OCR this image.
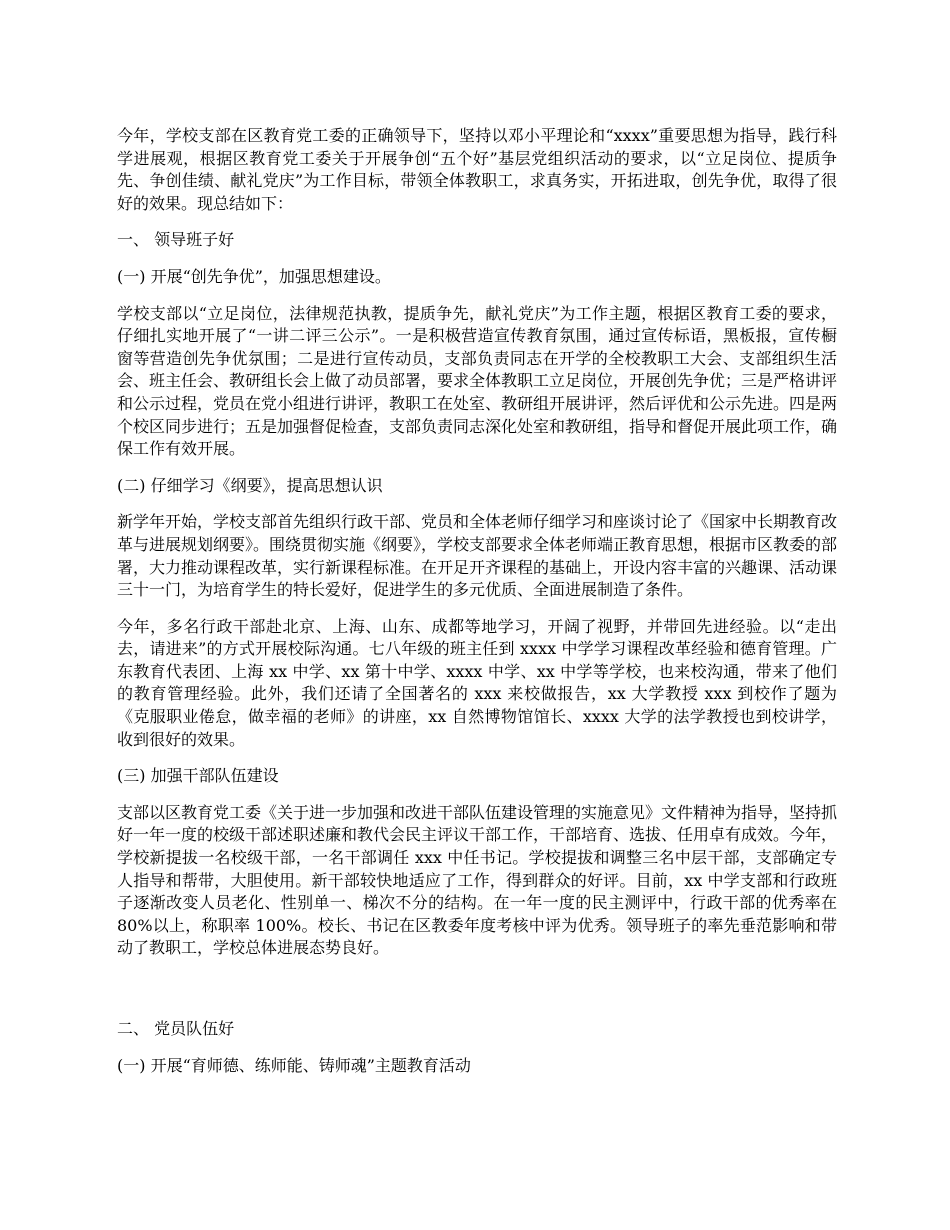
今年，学校支部在区教育党工委的正确领导下，坚持以邓小平理论和“xxxx”重要思想为指导，践行科学进展观，根据区教育党工委关于开展争创“五个好”基层党组织活动的要求，以“立足岗位、提质争先、争创佳绩、献礼党庆”为工作目标，带领全体教职工，求真务实，开拓进取，创先争优，取得了很好的效果。现总结如下：

一、 领导班子好

(一) 开展“创先争优”，加强思想建设。

学校支部以“立足岗位，法律规范执教，提质争先，献礼党庆”为工作主题，根据区教育工委的要求，仔细扎实地开展了“一讲二评三公示”。一是积极营造宣传教育氛围，通过宣传标语，黑板报，宣传橱窗等营造创先争优氛围；二是进行宣传动员，支部负责同志在开学的全校教职工大会、支部组织生活会、班主任会、教研组长会上做了动员部署，要求全体教职工立足岗位，开展创先争优；三是严格讲评和公示过程，党员在党小组进行讲评，教职工在处室、教研组开展讲评，然后评优和公示先进。四是两个校区同步进行；五是加强督促检查，支部负责同志深化处室和教研组，指导和督促开展此项工作，确保工作有效开展。

(二) 仔细学习《纲要》，提高思想认识

新学年开始，学校支部首先组织行政干部、党员和全体老师仔细学习和座谈讨论了《国家中长期教育改革与进展规划纲要》。围绕贯彻实施《纲要》，学校支部要求全体老师端正教育思想，根据市区教委的部署，大力推动课程改革，实行新课程标准。在开足开齐课程的基础上，开设内容丰富的兴趣课、活动课三十一门，为培育学生的特长爱好，促进学生的多元优质、全面进展制造了条件。

今年，多名行政干部赴北京、上海、山东、成都等地学习，开阔了视野，并带回先进经验。以“走出去，请进来”的方式开展校际沟通。七八年级的班主任到 xxxx 中学学习课程改革经验和德育管理。广东教育代表团、上海 xx 中学、xx 第十中学、xxxx 中学、xx 中学等学校，也来校沟通，带来了他们的教育管理经验。此外，我们还请了全国著名的 xxx 来校做报告，xx 大学教授 xxx 到校作了题为《克服职业倦怠，做幸福的老师》的讲座，xx 自然博物馆馆长、xxxx 大学的法学教授也到校讲学，收到很好的效果。

(三) 加强干部队伍建设

支部以区教育党工委《关于进一步加强和改进干部队伍建设管理的实施意见》文件精神为指导，坚持抓好一年一度的校级干部述职述廉和教代会民主评议干部工作，干部培育、选拔、任用卓有成效。今年，学校新提拔一名校级干部，一名干部调任 xxx 中任书记。学校提拔和调整三名中层干部，支部确定专人指导和帮带，大胆使用。新干部较快地适应了工作，得到群众的好评。目前，xx 中学支部和行政班子逐渐改变人员老化、性别单一、梯次不分的结构。在一年一度的民主测评中，行政干部的优秀率在 80%以上，称职率 100%。校长、书记在区教委年度考核中评为优秀。领导班子的率先垂范影响和带动了教职工，学校总体进展态势良好。

二、 党员队伍好

(一) 开展“育师德、练师能、铸师魂”主题教育活动
